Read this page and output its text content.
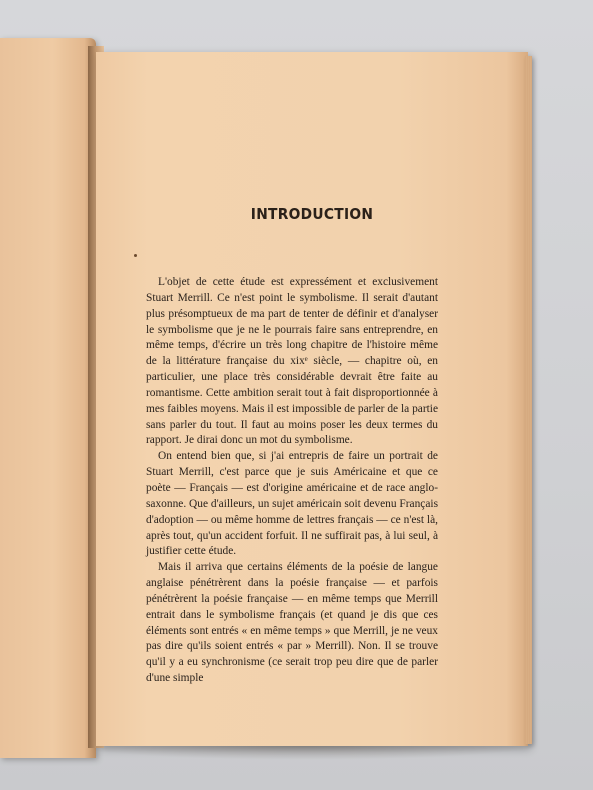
INTRODUCTION

L'objet de cette étude est expressément et exclusivement Stuart Merrill. Ce n'est point le symbolisme. Il serait d'autant plus présomptueux de ma part de tenter de définir et d'analyser le symbolisme que je ne le pourrais faire sans entreprendre, en même temps, d'écrire un très long chapitre de l'histoire même de la littérature française du xixᵉ siècle, — chapitre où, en particulier, une place très considérable devrait être faite au romantisme. Cette ambition serait tout à fait disproportionnée à mes faibles moyens. Mais il est impossible de parler de la partie sans parler du tout. Il faut au moins poser les deux termes du rapport. Je dirai donc un mot du symbolisme.

On entend bien que, si j'ai entrepris de faire un portrait de Stuart Merrill, c'est parce que je suis Américaine et que ce poète — Français — est d'origine américaine et de race anglo-saxonne. Que d'ailleurs, un sujet américain soit devenu Français d'adoption — ou même homme de lettres français — ce n'est là, après tout, qu'un accident forfuit. Il ne suffirait pas, à lui seul, à justifier cette étude.

Mais il arriva que certains éléments de la poésie de langue anglaise pénétrèrent dans la poésie française — et parfois pénétrèrent la poésie française — en même temps que Merrill entrait dans le symbolisme français (et quand je dis que ces éléments sont entrés « en même temps » que Merrill, je ne veux pas dire qu'ils soient entrés « par » Merrill). Non. Il se trouve qu'il y a eu synchronisme (ce serait trop peu dire que de parler d'une simple
